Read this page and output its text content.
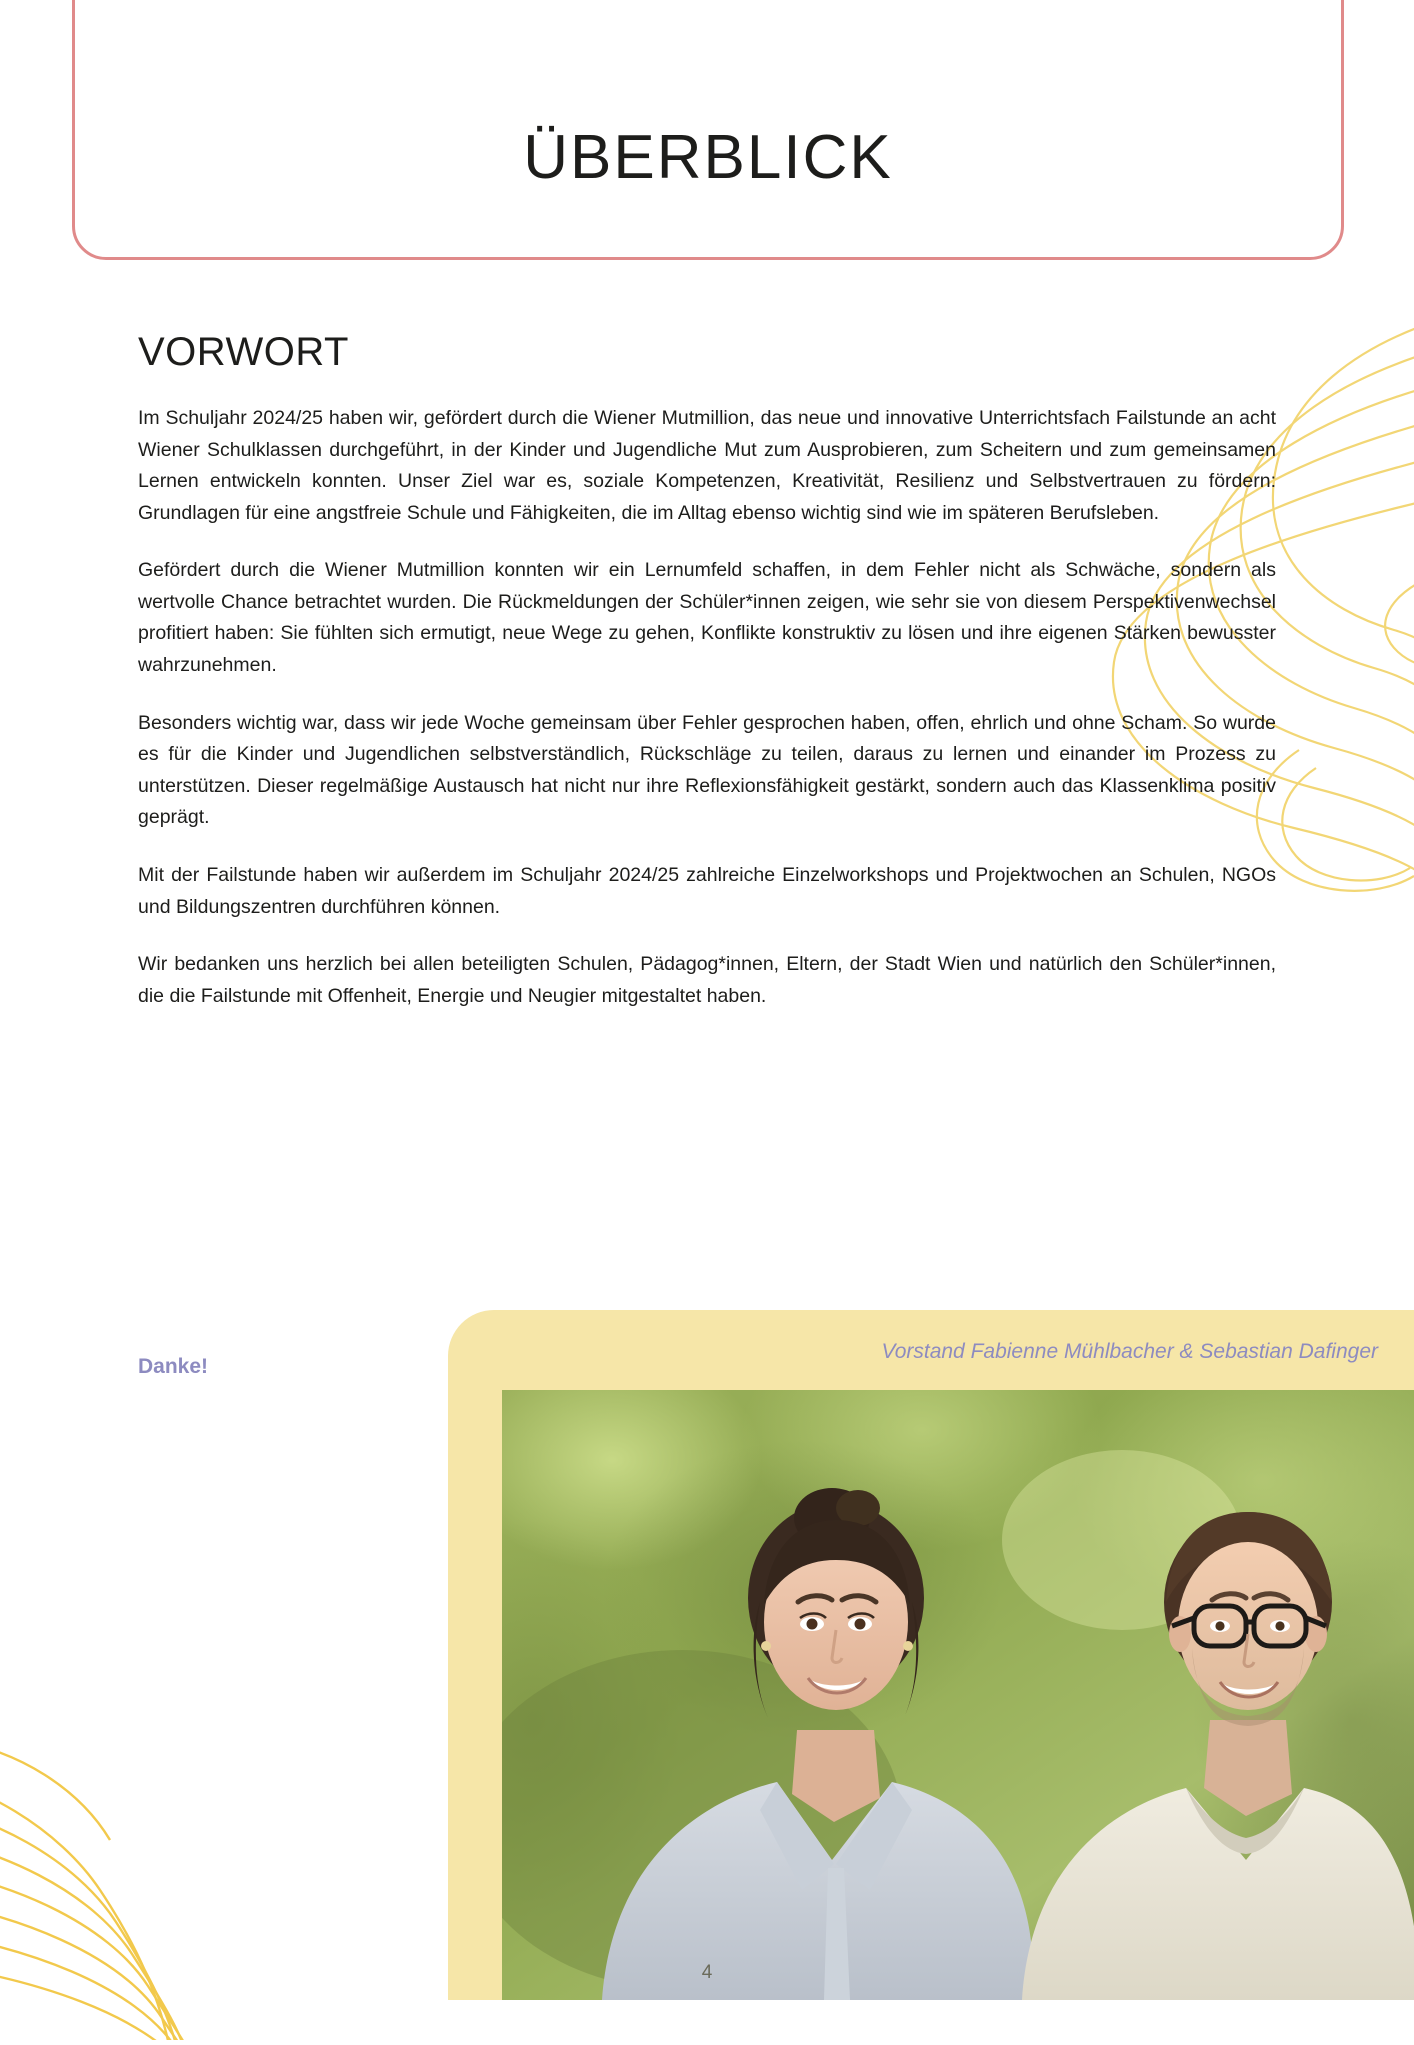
ÜBERBLICK
VORWORT

Im Schuljahr 2024/25 haben wir, gefördert durch die Wiener Mutmillion, das neue und innovative Unterrichtsfach Failstunde an acht Wiener Schulklassen durchgeführt, in der Kinder und Jugendliche Mut zum Ausprobieren, zum Scheitern und zum gemeinsamen Lernen entwickeln konnten. Unser Ziel war es, soziale Kompetenzen, Kreativität, Resilienz und Selbstvertrauen zu fördern: Grundlagen für eine angstfreie Schule und Fähigkeiten, die im Alltag ebenso wichtig sind wie im späteren Berufsleben.

Gefördert durch die Wiener Mutmillion konnten wir ein Lernumfeld schaffen, in dem Fehler nicht als Schwäche, sondern als wertvolle Chance betrachtet wurden. Die Rückmeldungen der Schüler*innen zeigen, wie sehr sie von diesem Perspektivenwechsel profitiert haben: Sie fühlten sich ermutigt, neue Wege zu gehen, Konflikte konstruktiv zu lösen und ihre eigenen Stärken bewusster wahrzunehmen.

Besonders wichtig war, dass wir jede Woche gemeinsam über Fehler gesprochen haben, offen, ehrlich und ohne Scham. So wurde es für die Kinder und Jugendlichen selbstverständlich, Rückschläge zu teilen, daraus zu lernen und einander im Prozess zu unterstützen. Dieser regelmäßige Austausch hat nicht nur ihre Reflexionsfähigkeit gestärkt, sondern auch das Klassenklima positiv geprägt.

Mit der Failstunde haben wir außerdem im Schuljahr 2024/25 zahlreiche Einzelworkshops und Projektwochen an Schulen, NGOs und Bildungszentren durchführen können.

Wir bedanken uns herzlich bei allen beteiligten Schulen, Pädagog*innen, Eltern, der Stadt Wien und natürlich den Schüler*innen, die die Failstunde mit Offenheit, Energie und Neugier mitgestaltet haben.

Danke!
Vorstand Fabienne Mühlbacher & Sebastian Dafinger
4
